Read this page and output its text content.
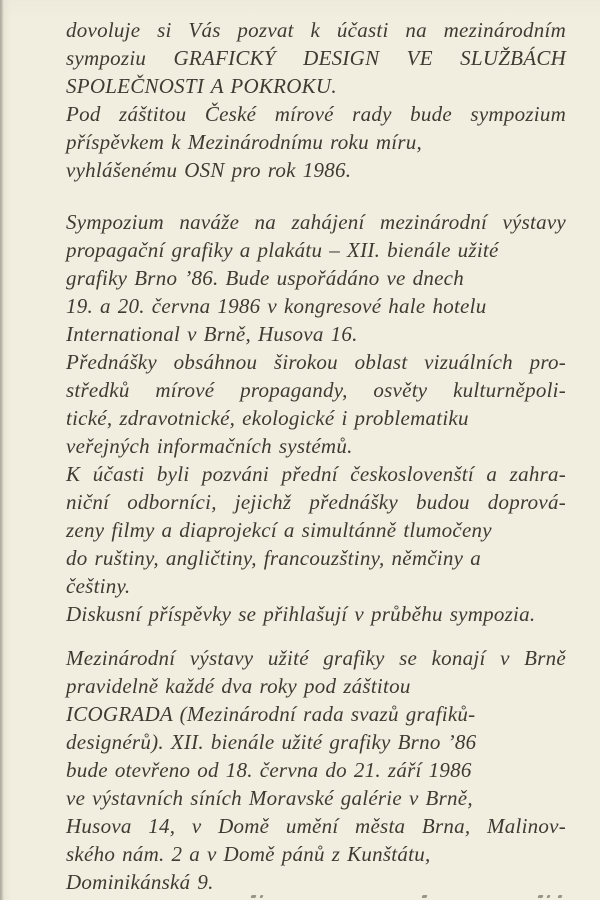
dovoluje si Vás pozvat k účasti na mezinárodním
sympoziu GRAFICKÝ DESIGN VE SLUŽBÁCH
SPOLEČNOSTI A POKROKU.
Pod záštitou České mírové rady bude sympozium
příspěvkem k Mezinárodnímu roku míru,
vyhlášenému OSN pro rok 1986.
Sympozium naváže na zahájení mezinárodní výstavy
propagační grafiky a plakátu – XII. bienále užité
grafiky Brno ’86. Bude uspořádáno ve dnech
19. a 20. června 1986 v kongresové hale hotelu
International v Brně, Husova 16.
Přednášky obsáhnou širokou oblast vizuálních pro-
středků mírové propagandy, osvěty kulturněpoli-
tické, zdravotnické, ekologické i problematiku
veřejných informačních systémů.
K účasti byli pozváni přední českoslovenští a zahra-
niční odborníci, jejichž přednášky budou doprová-
zeny filmy a diaprojekcí a simultánně tlumočeny
do ruštiny, angličtiny, francouzštiny, němčiny a
češtiny.
Diskusní příspěvky se přihlašují v průběhu sympozia.
Mezinárodní výstavy užité grafiky se konají v Brně
pravidelně každé dva roky pod záštitou
ICOGRADA (Mezinárodní rada svazů grafiků-
designérů). XII. bienále užité grafiky Brno ’86
bude otevřeno od 18. června do 21. září 1986
ve výstavních síních Moravské galérie v Brně,
Husova 14, v Domě umění města Brna, Malinov-
ského nám. 2 a v Domě pánů z Kunštátu,
Dominikánská 9.
